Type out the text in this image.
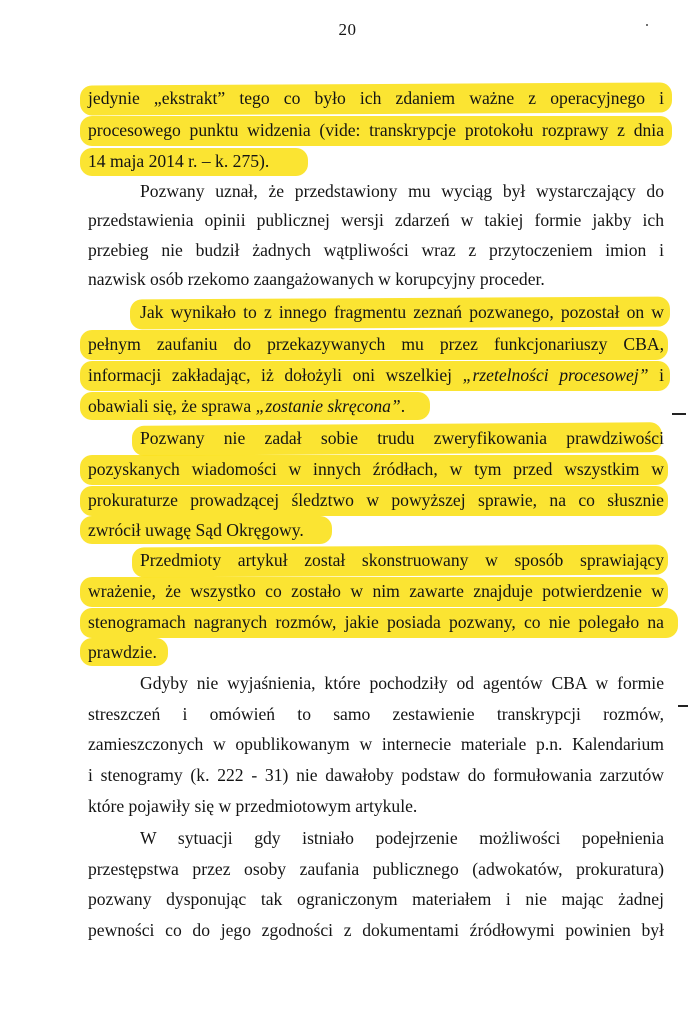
20
jedynie „ekstrakt” tego co było ich zdaniem ważne z operacyjnego i
procesowego punktu widzenia (vide: transkrypcje protokołu rozprawy z dnia
14 maja 2014 r. – k. 275).
Pozwany uznał, że przedstawiony mu wyciąg był wystarczający do
przedstawienia opinii publicznej wersji zdarzeń w takiej formie jakby ich
przebieg nie budził żadnych wątpliwości wraz z przytoczeniem imion i
nazwisk osób rzekomo zaangażowanych w korupcyjny proceder.
Jak wynikało to z innego fragmentu zeznań pozwanego, pozostał on w
pełnym zaufaniu do przekazywanych mu przez funkcjonariuszy CBA,
informacji zakładając, iż dołożyli oni wszelkiej „rzetelności procesowej” i
obawiali się, że sprawa „zostanie skręcona”.
Pozwany nie zadał sobie trudu zweryfikowania prawdziwości
pozyskanych wiadomości w innych źródłach, w tym przed wszystkim w
prokuraturze prowadzącej śledztwo w powyższej sprawie, na co słusznie
zwrócił uwagę Sąd Okręgowy.
Przedmioty artykuł został skonstruowany w sposób sprawiający
wrażenie, że wszystko co zostało w nim zawarte znajduje potwierdzenie w
stenogramach nagranych rozmów, jakie posiada pozwany, co nie polegało na
prawdzie.
Gdyby nie wyjaśnienia, które pochodziły od agentów CBA w formie
streszczeń i omówień to samo zestawienie transkrypcji rozmów,
zamieszczonych w opublikowanym w internecie materiale p.n. Kalendarium
i stenogramy (k. 222 - 31) nie dawałoby podstaw do formułowania zarzutów
które pojawiły się w przedmiotowym artykule.
W sytuacji gdy istniało podejrzenie możliwości popełnienia
przestępstwa przez osoby zaufania publicznego (adwokatów, prokuratura)
pozwany dysponując tak ograniczonym materiałem i nie mając żadnej
pewności co do jego zgodności z dokumentami źródłowymi powinien był
